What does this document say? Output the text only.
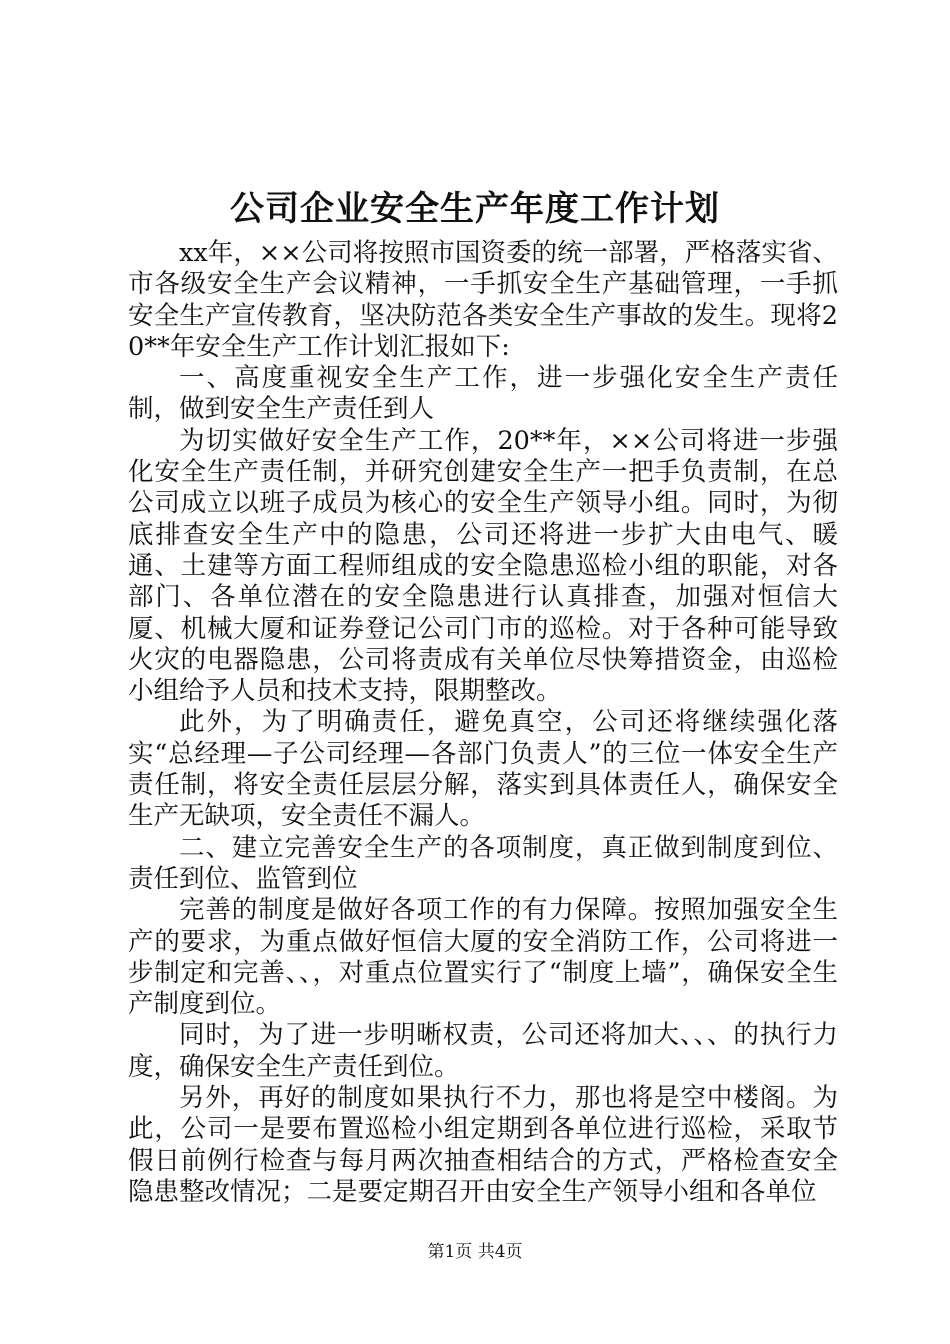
公司企业安全生产年度工作计划

xx年，××公司将按照市国资委的统一部署，严格落实省、市各级安全生产会议精神，一手抓安全生产基础管理，一手抓安全生产宣传教育，坚决防范各类安全生产事故的发生。现将20**年安全生产工作计划汇报如下:

一、高度重视安全生产工作，进一步强化安全生产责任制，做到安全生产责任到人

为切实做好安全生产工作，20**年，××公司将进一步强化安全生产责任制，并研究创建安全生产一把手负责制，在总公司成立以班子成员为核心的安全生产领导小组。同时，为彻底排查安全生产中的隐患，公司还将进一步扩大由电气、暖通、土建等方面工程师组成的安全隐患巡检小组的职能，对各部门、各单位潜在的安全隐患进行认真排查，加强对恒信大厦、机械大厦和证券登记公司门市的巡检。对于各种可能导致火灾的电器隐患，公司将责成有关单位尽快筹措资金，由巡检小组给予人员和技术支持，限期整改。

此外，为了明确责任，避免真空，公司还将继续强化落实“总经理—子公司经理—各部门负责人”的三位一体安全生产责任制，将安全责任层层分解，落实到具体责任人，确保安全生产无缺项，安全责任不漏人。

二、建立完善安全生产的各项制度，真正做到制度到位、责任到位、监管到位

完善的制度是做好各项工作的有力保障。按照加强安全生产的要求，为重点做好恒信大厦的安全消防工作，公司将进一步制定和完善、、，对重点位置实行了“制度上墙”，确保安全生产制度到位。

同时，为了进一步明晰权责，公司还将加大、、、的执行力度，确保安全生产责任到位。

另外，再好的制度如果执行不力，那也将是空中楼阁。为此，公司一是要布置巡检小组定期到各单位进行巡检，采取节假日前例行检查与每月两次抽查相结合的方式，严格检查安全隐患整改情况；二是要定期召开由安全生产领导小组和各单位

第1页 共4页
